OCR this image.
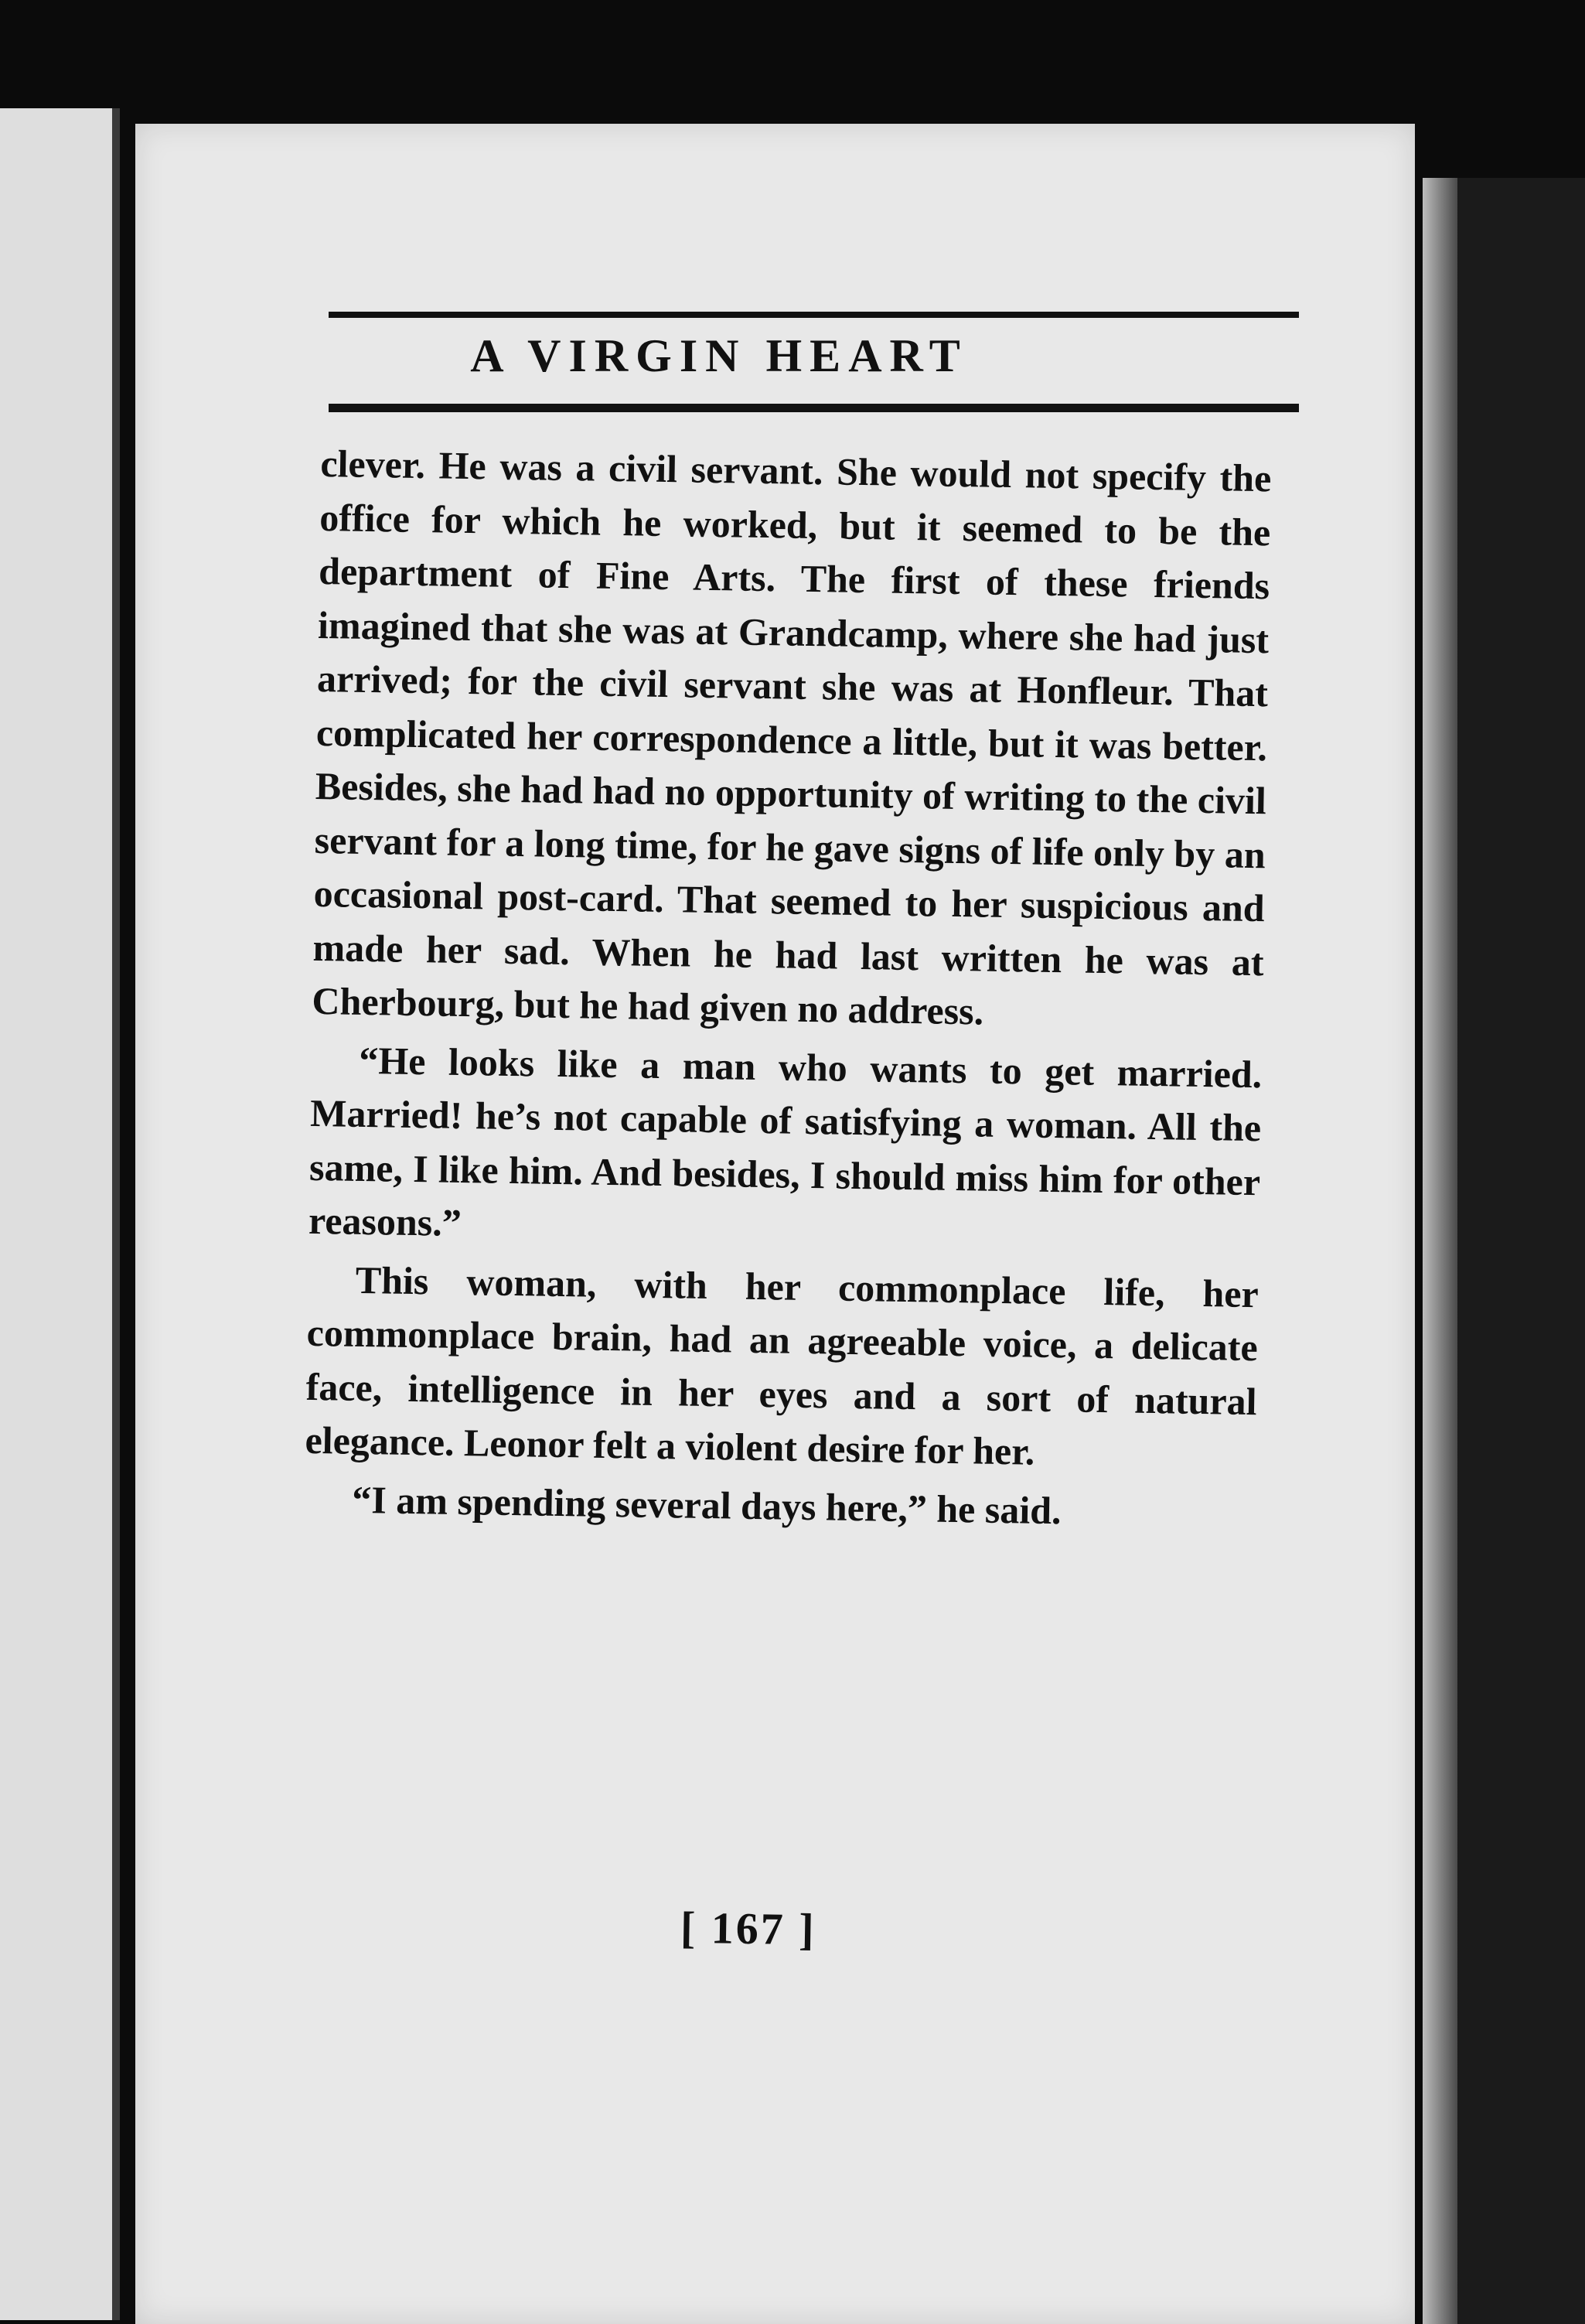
A VIRGIN HEART

clever. He was a civil servant. She would not specify the office for which he worked, but it seemed to be the department of Fine Arts. The first of these friends imagined that she was at Grandcamp, where she had just arrived; for the civil servant she was at Honfleur. That complicated her correspondence a little, but it was better. Besides, she had had no opportunity of writing to the civil servant for a long time, for he gave signs of life only by an occasional post-card. That seemed to her suspicious and made her sad. When he had last written he was at Cherbourg, but he had given no address.

“He looks like a man who wants to get married. Married! he’s not capable of satisfying a woman. All the same, I like him. And besides, I should miss him for other reasons.”

This woman, with her commonplace life, her commonplace brain, had an agreeable voice, a delicate face, intelligence in her eyes and a sort of natural elegance. Leonor felt a violent desire for her.

“I am spending several days here,” he said.

[ 167 ]
